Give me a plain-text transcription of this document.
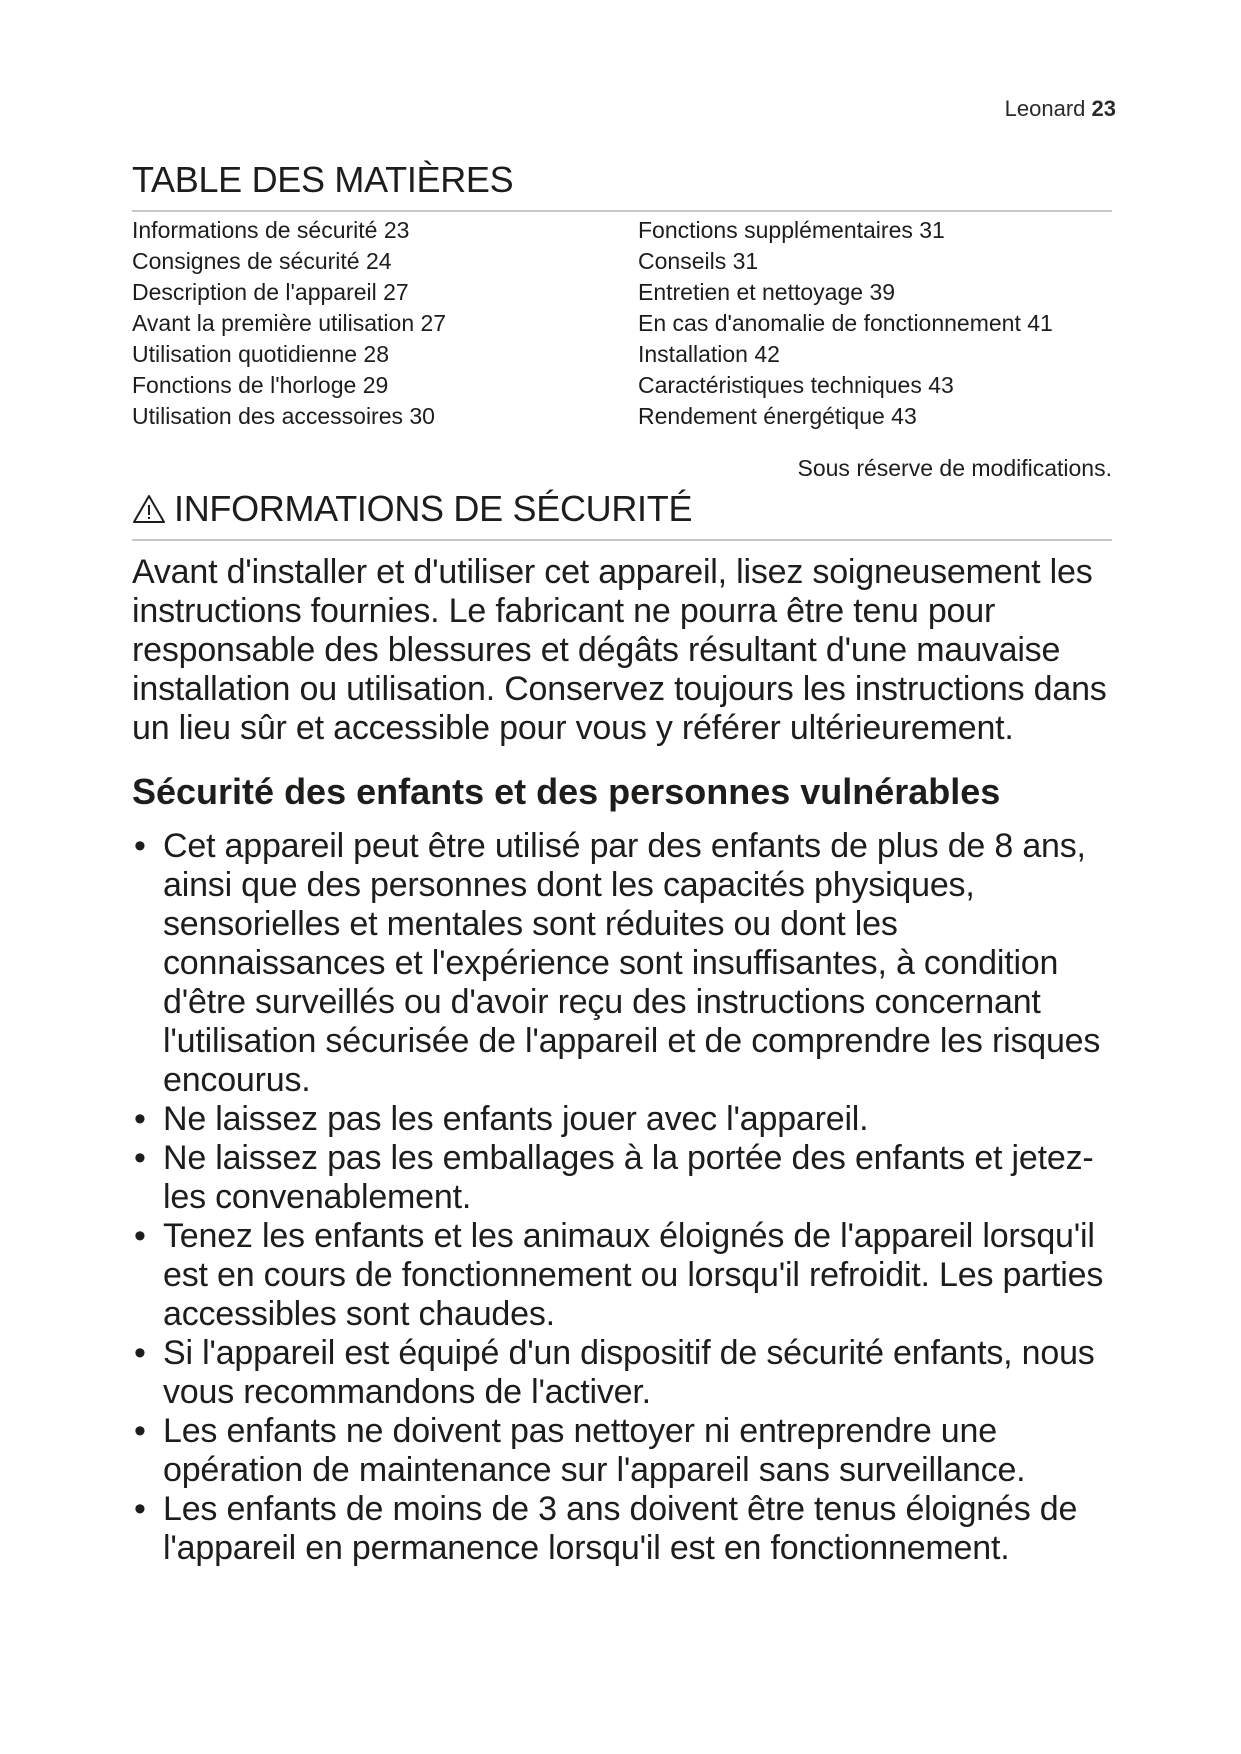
Leonard 23
TABLE DES MATIÈRES
Informations de sécurité 23
Consignes de sécurité 24
Description de l'appareil 27
Avant la première utilisation 27
Utilisation quotidienne 28
Fonctions de l'horloge 29
Utilisation des accessoires 30
Fonctions supplémentaires 31
Conseils 31
Entretien et nettoyage 39
En cas d'anomalie de fonctionnement 41
Installation 42
Caractéristiques techniques 43
Rendement énergétique 43
Sous réserve de modifications.
INFORMATIONS DE SÉCURITÉ

Avant d'installer et d'utiliser cet appareil, lisez soigneusement les instructions fournies. Le fabricant ne pourra être tenu pour responsable des blessures et dégâts résultant d'une mauvaise installation ou utilisation. Conservez toujours les instructions dans un lieu sûr et accessible pour vous y référer ultérieurement.

Sécurité des enfants et des personnes vulnérables
• Cet appareil peut être utilisé par des enfants de plus de 8 ans, ainsi que des personnes dont les capacités physiques, sensorielles et mentales sont réduites ou dont les connaissances et l'expérience sont insuffisantes, à condition d'être surveillés ou d'avoir reçu des instructions concernant l'utilisation sécurisée de l'appareil et de comprendre les risques encourus.
• Ne laissez pas les enfants jouer avec l'appareil.
• Ne laissez pas les emballages à la portée des enfants et jetez-les convenablement.
• Tenez les enfants et les animaux éloignés de l'appareil lorsqu'il est en cours de fonctionnement ou lorsqu'il refroidit. Les parties accessibles sont chaudes.
• Si l'appareil est équipé d'un dispositif de sécurité enfants, nous vous recommandons de l'activer.
• Les enfants ne doivent pas nettoyer ni entreprendre une opération de maintenance sur l'appareil sans surveillance.
• Les enfants de moins de 3 ans doivent être tenus éloignés de l'appareil en permanence lorsqu'il est en fonctionnement.
